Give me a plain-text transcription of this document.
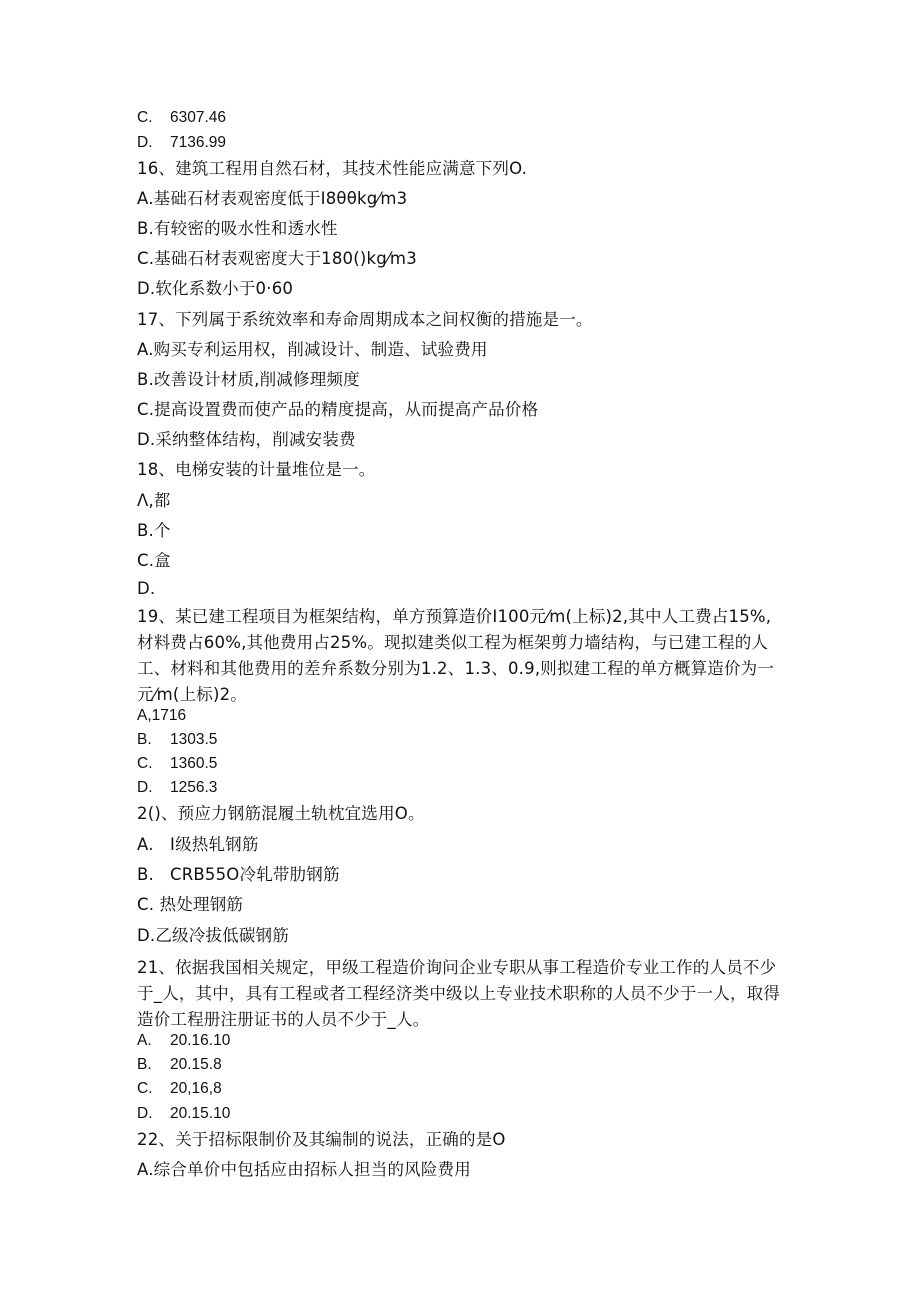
C. 6307.46
D. 7136.99
16、建筑工程用自然石材，其技术性能应满意下列O.
A.基础石材表观密度低于I8θθkg⁄m3
B.有较密的吸水性和透水性
C.基础石材表观密度大于180()kg⁄m3
D.软化系数小于0·60
17、下列属于系统效率和寿命周期成本之间权衡的措施是一。
A.购买专利运用权，削减设计、制造、试验费用
B.改善设计材质,削减修理频度
C.提高设置费而使产品的精度提高，从而提高产品价格
D.采纳整体结构，削减安装费
18、电梯安装的计量堆位是一。
Λ,都
B.个
C.盒
D.
19、某已建工程项目为框架结构，单方预算造价I100元⁄m(上标)2,其中人工费占15%,材料费占60%,其他费用占25%。现拟建类似工程为框架剪力墙结构，与已建工程的人工、材料和其他费用的差弁系数分别为1.2、1.3、0.9,则拟建工程的单方概算造价为一元⁄m(上标)2。
A,1716
B. 1303.5
C. 1360.5
D. 1256.3
2()、预应力钢筋混履土轨枕宜选用O。
A. I级热轧钢筋
B. CRB55O冷轧带肋钢筋
C. 热处理钢筋
D.乙级冷拔低碳钢筋
21、依据我国相关规定，甲级工程造价询问企业专职从事工程造价专业工作的人员不少于_人，其中，具有工程或者工程经济类中级以上专业技术职称的人员不少于一人，取得造价工程册注册证书的人员不少于_人。
A. 20.16.10
B. 20.15.8
C. 20,16,8
D. 20.15.10
22、关于招标限制价及其编制的说法，正确的是O
A.综合单价中包括应由招标人担当的风险费用
